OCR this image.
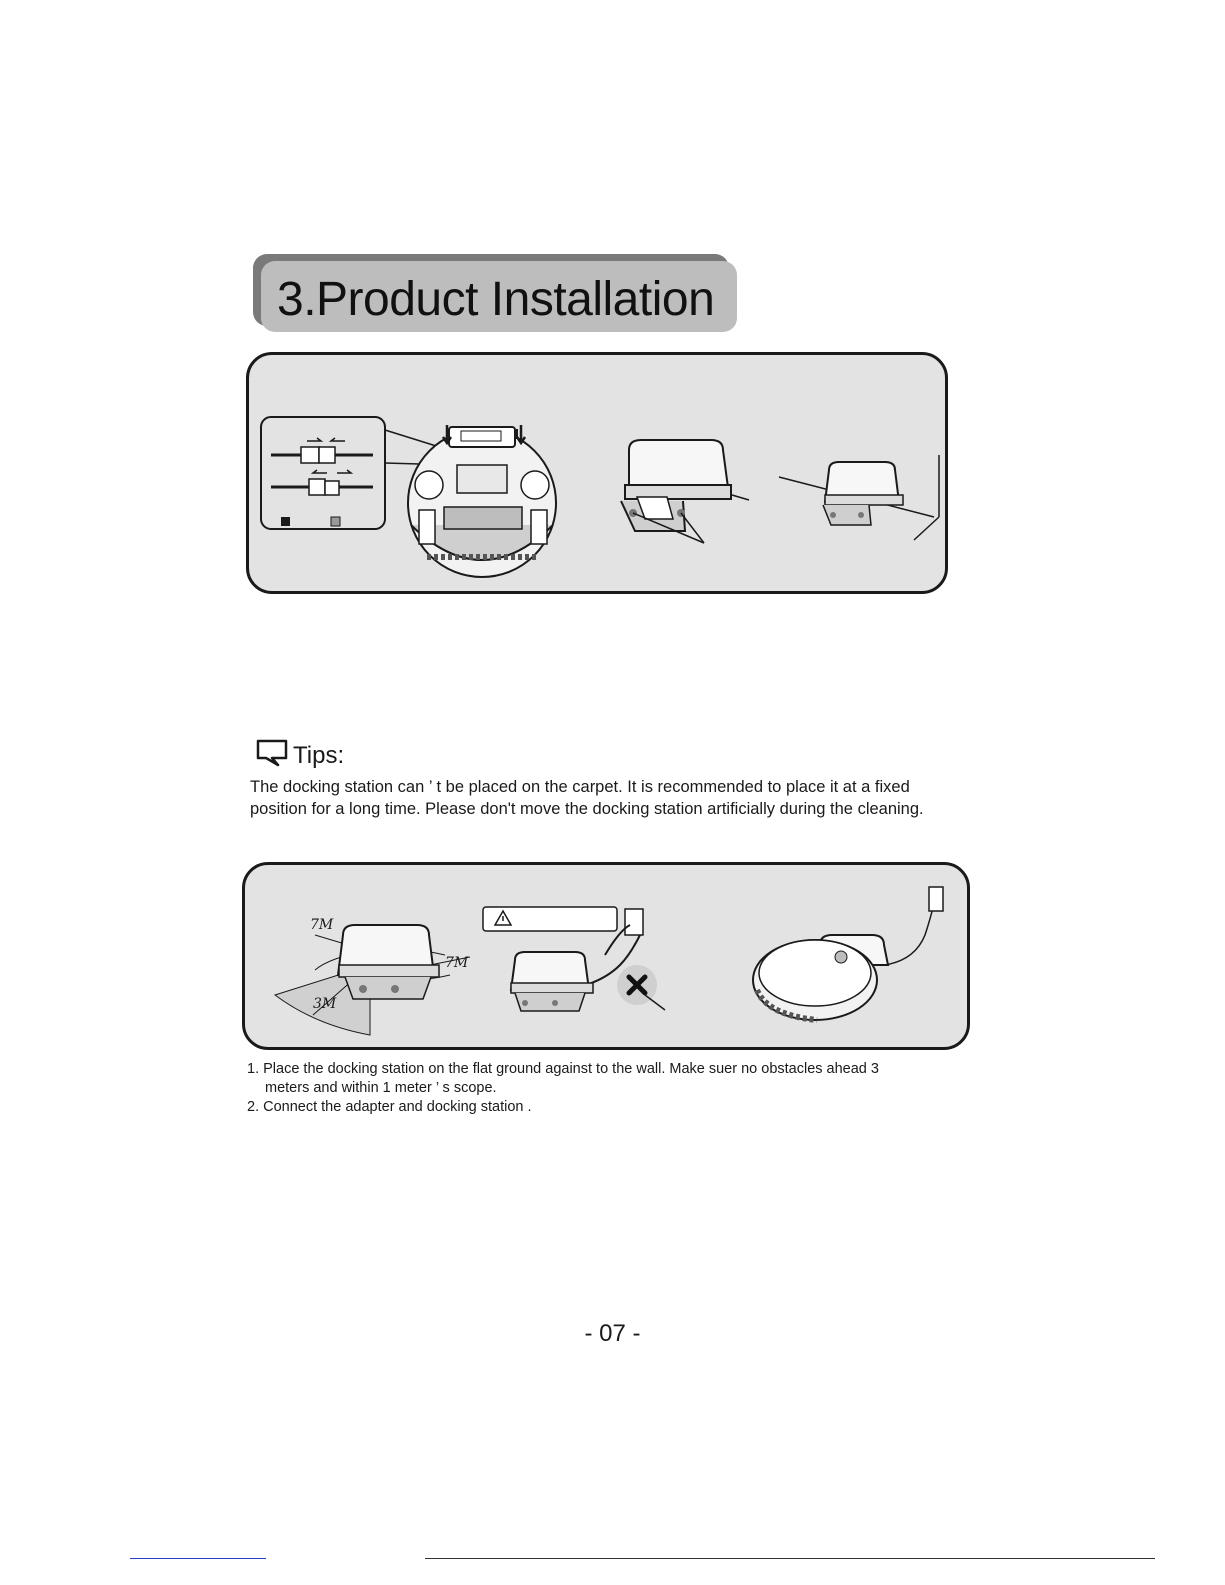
3.Product Installation
Tips:
The docking station can ’ t be placed on the carpet. It is recommended to place it at a fixed
position for a long time. Please don't move the docking station artificially during the cleaning.
7M
7M
3M
1. Place the docking station on the flat ground against to the wall. Make suer no obstacles ahead 3
meters and within 1 meter ’ s scope.
2. Connect the adapter and docking station .
- 07 -
